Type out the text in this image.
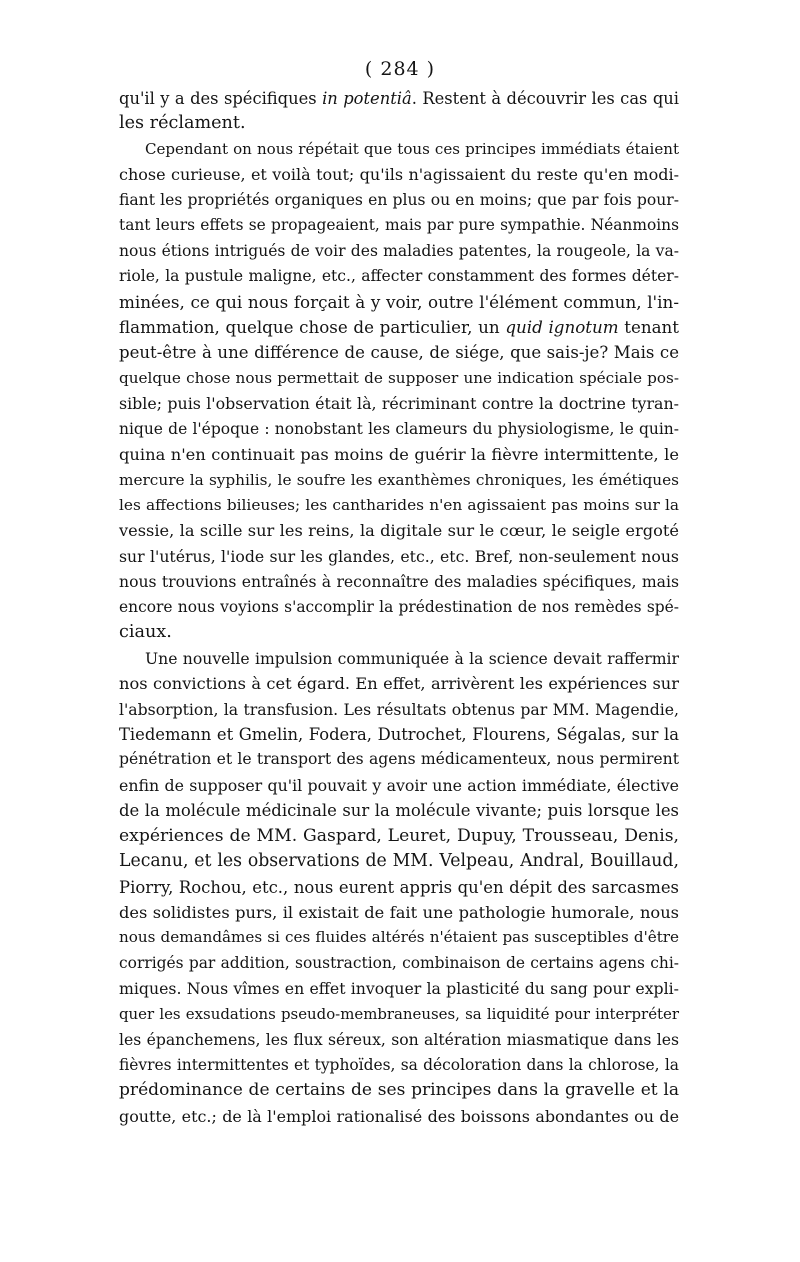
( 284 )
qu'il y a des spécifiques in potentiâ. Restent à découvrir les cas qui
les réclament.
Cependant on nous répétait que tous ces principes immédiats étaient
chose curieuse, et voilà tout; qu'ils n'agissaient du reste qu'en modi-
fiant les propriétés organiques en plus ou en moins; que par fois pour-
tant leurs effets se propageaient, mais par pure sympathie. Néanmoins
nous étions intrigués de voir des maladies patentes, la rougeole, la va-
riole, la pustule maligne, etc., affecter constamment des formes déter-
minées, ce qui nous forçait à y voir, outre l'élément commun, l'in-
flammation, quelque chose de particulier, un quid ignotum tenant
peut-être à une différence de cause, de siége, que sais-je? Mais ce
quelque chose nous permettait de supposer une indication spéciale pos-
sible; puis l'observation était là, récriminant contre la doctrine tyran-
nique de l'époque : nonobstant les clameurs du physiologisme, le quin-
quina n'en continuait pas moins de guérir la fièvre intermittente, le
mercure la syphilis, le soufre les exanthèmes chroniques, les émétiques
les affections bilieuses; les cantharides n'en agissaient pas moins sur la
vessie, la scille sur les reins, la digitale sur le cœur, le seigle ergoté
sur l'utérus, l'iode sur les glandes, etc., etc. Bref, non-seulement nous
nous trouvions entraînés à reconnaître des maladies spécifiques, mais
encore nous voyions s'accomplir la prédestination de nos remèdes spé-
ciaux.
Une nouvelle impulsion communiquée à la science devait raffermir
nos convictions à cet égard. En effet, arrivèrent les expériences sur
l'absorption, la transfusion. Les résultats obtenus par MM. Magendie,
Tiedemann et Gmelin, Fodera, Dutrochet, Flourens, Ségalas, sur la
pénétration et le transport des agens médicamenteux, nous permirent
enfin de supposer qu'il pouvait y avoir une action immédiate, élective
de la molécule médicinale sur la molécule vivante; puis lorsque les
expériences de MM. Gaspard, Leuret, Dupuy, Trousseau, Denis,
Lecanu, et les observations de MM. Velpeau, Andral, Bouillaud,
Piorry, Rochou, etc., nous eurent appris qu'en dépit des sarcasmes
des solidistes purs, il existait de fait une pathologie humorale, nous
nous demandâmes si ces fluides altérés n'étaient pas susceptibles d'être
corrigés par addition, soustraction, combinaison de certains agens chi-
miques. Nous vîmes en effet invoquer la plasticité du sang pour expli-
quer les exsudations pseudo-membraneuses, sa liquidité pour interpréter
les épanchemens, les flux séreux, son altération miasmatique dans les
fièvres intermittentes et typhoïdes, sa décoloration dans la chlorose, la
prédominance de certains de ses principes dans la gravelle et la
goutte, etc.; de là l'emploi rationalisé des boissons abondantes ou de
